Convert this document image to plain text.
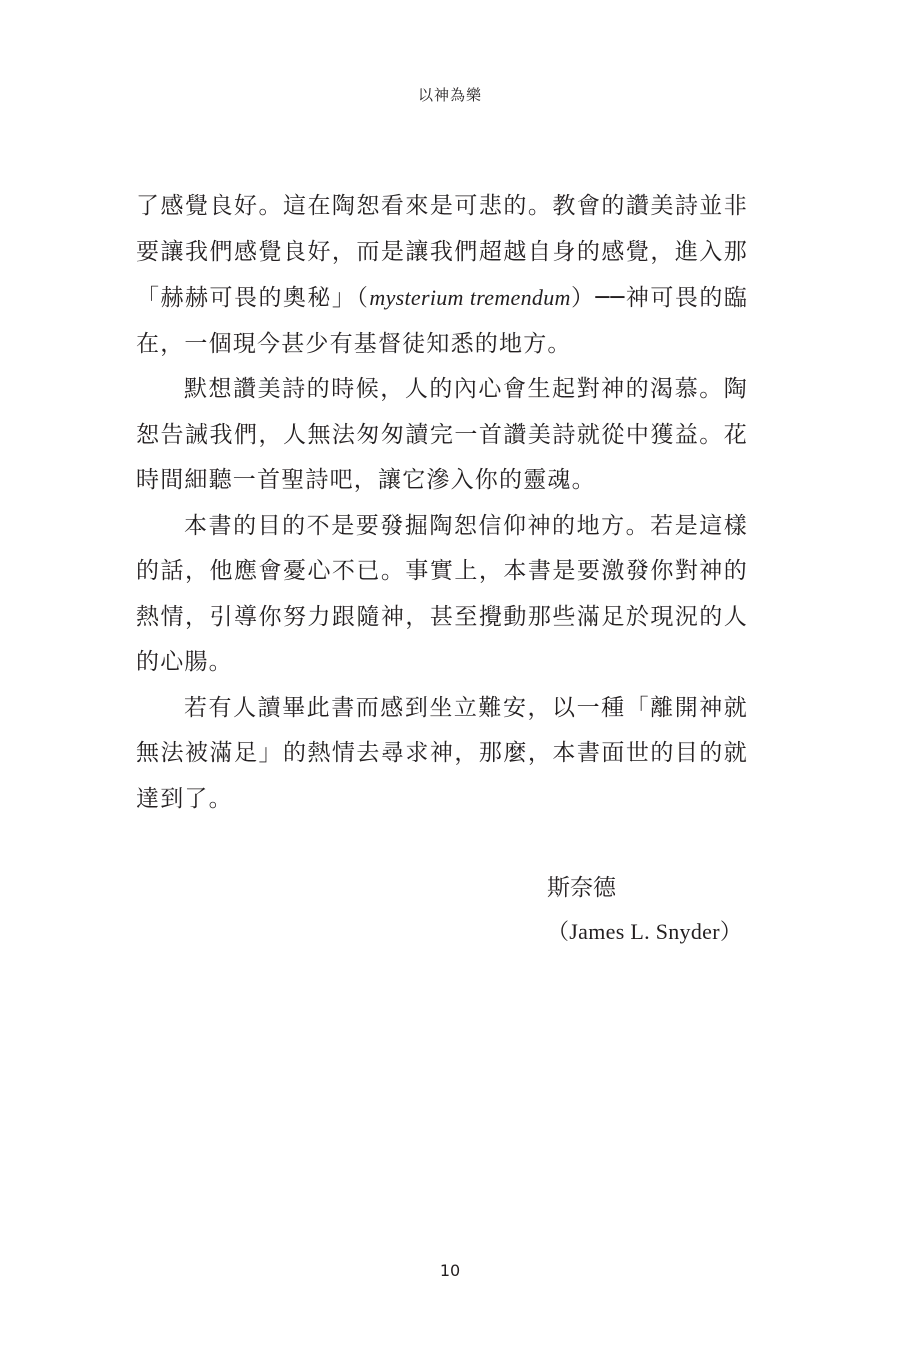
以神為樂

了感覺良好。這在陶恕看來是可悲的。教會的讚美詩並非要讓我們感覺良好，而是讓我們超越自身的感覺，進入那「赫赫可畏的奧秘」（mysterium tremendum）──神可畏的臨在，一個現今甚少有基督徒知悉的地方。

默想讚美詩的時候，人的內心會生起對神的渴慕。陶恕告誡我們，人無法匆匆讀完一首讚美詩就從中獲益。花時間細聽一首聖詩吧，讓它滲入你的靈魂。

本書的目的不是要發掘陶恕信仰神的地方。若是這樣的話，他應會憂心不已。事實上，本書是要激發你對神的熱情，引導你努力跟隨神，甚至攪動那些滿足於現況的人的心腸。

若有人讀畢此書而感到坐立難安，以一種「離開神就無法被滿足」的熱情去尋求神，那麼，本書面世的目的就達到了。

斯奈德
（James L. Snyder）
10
